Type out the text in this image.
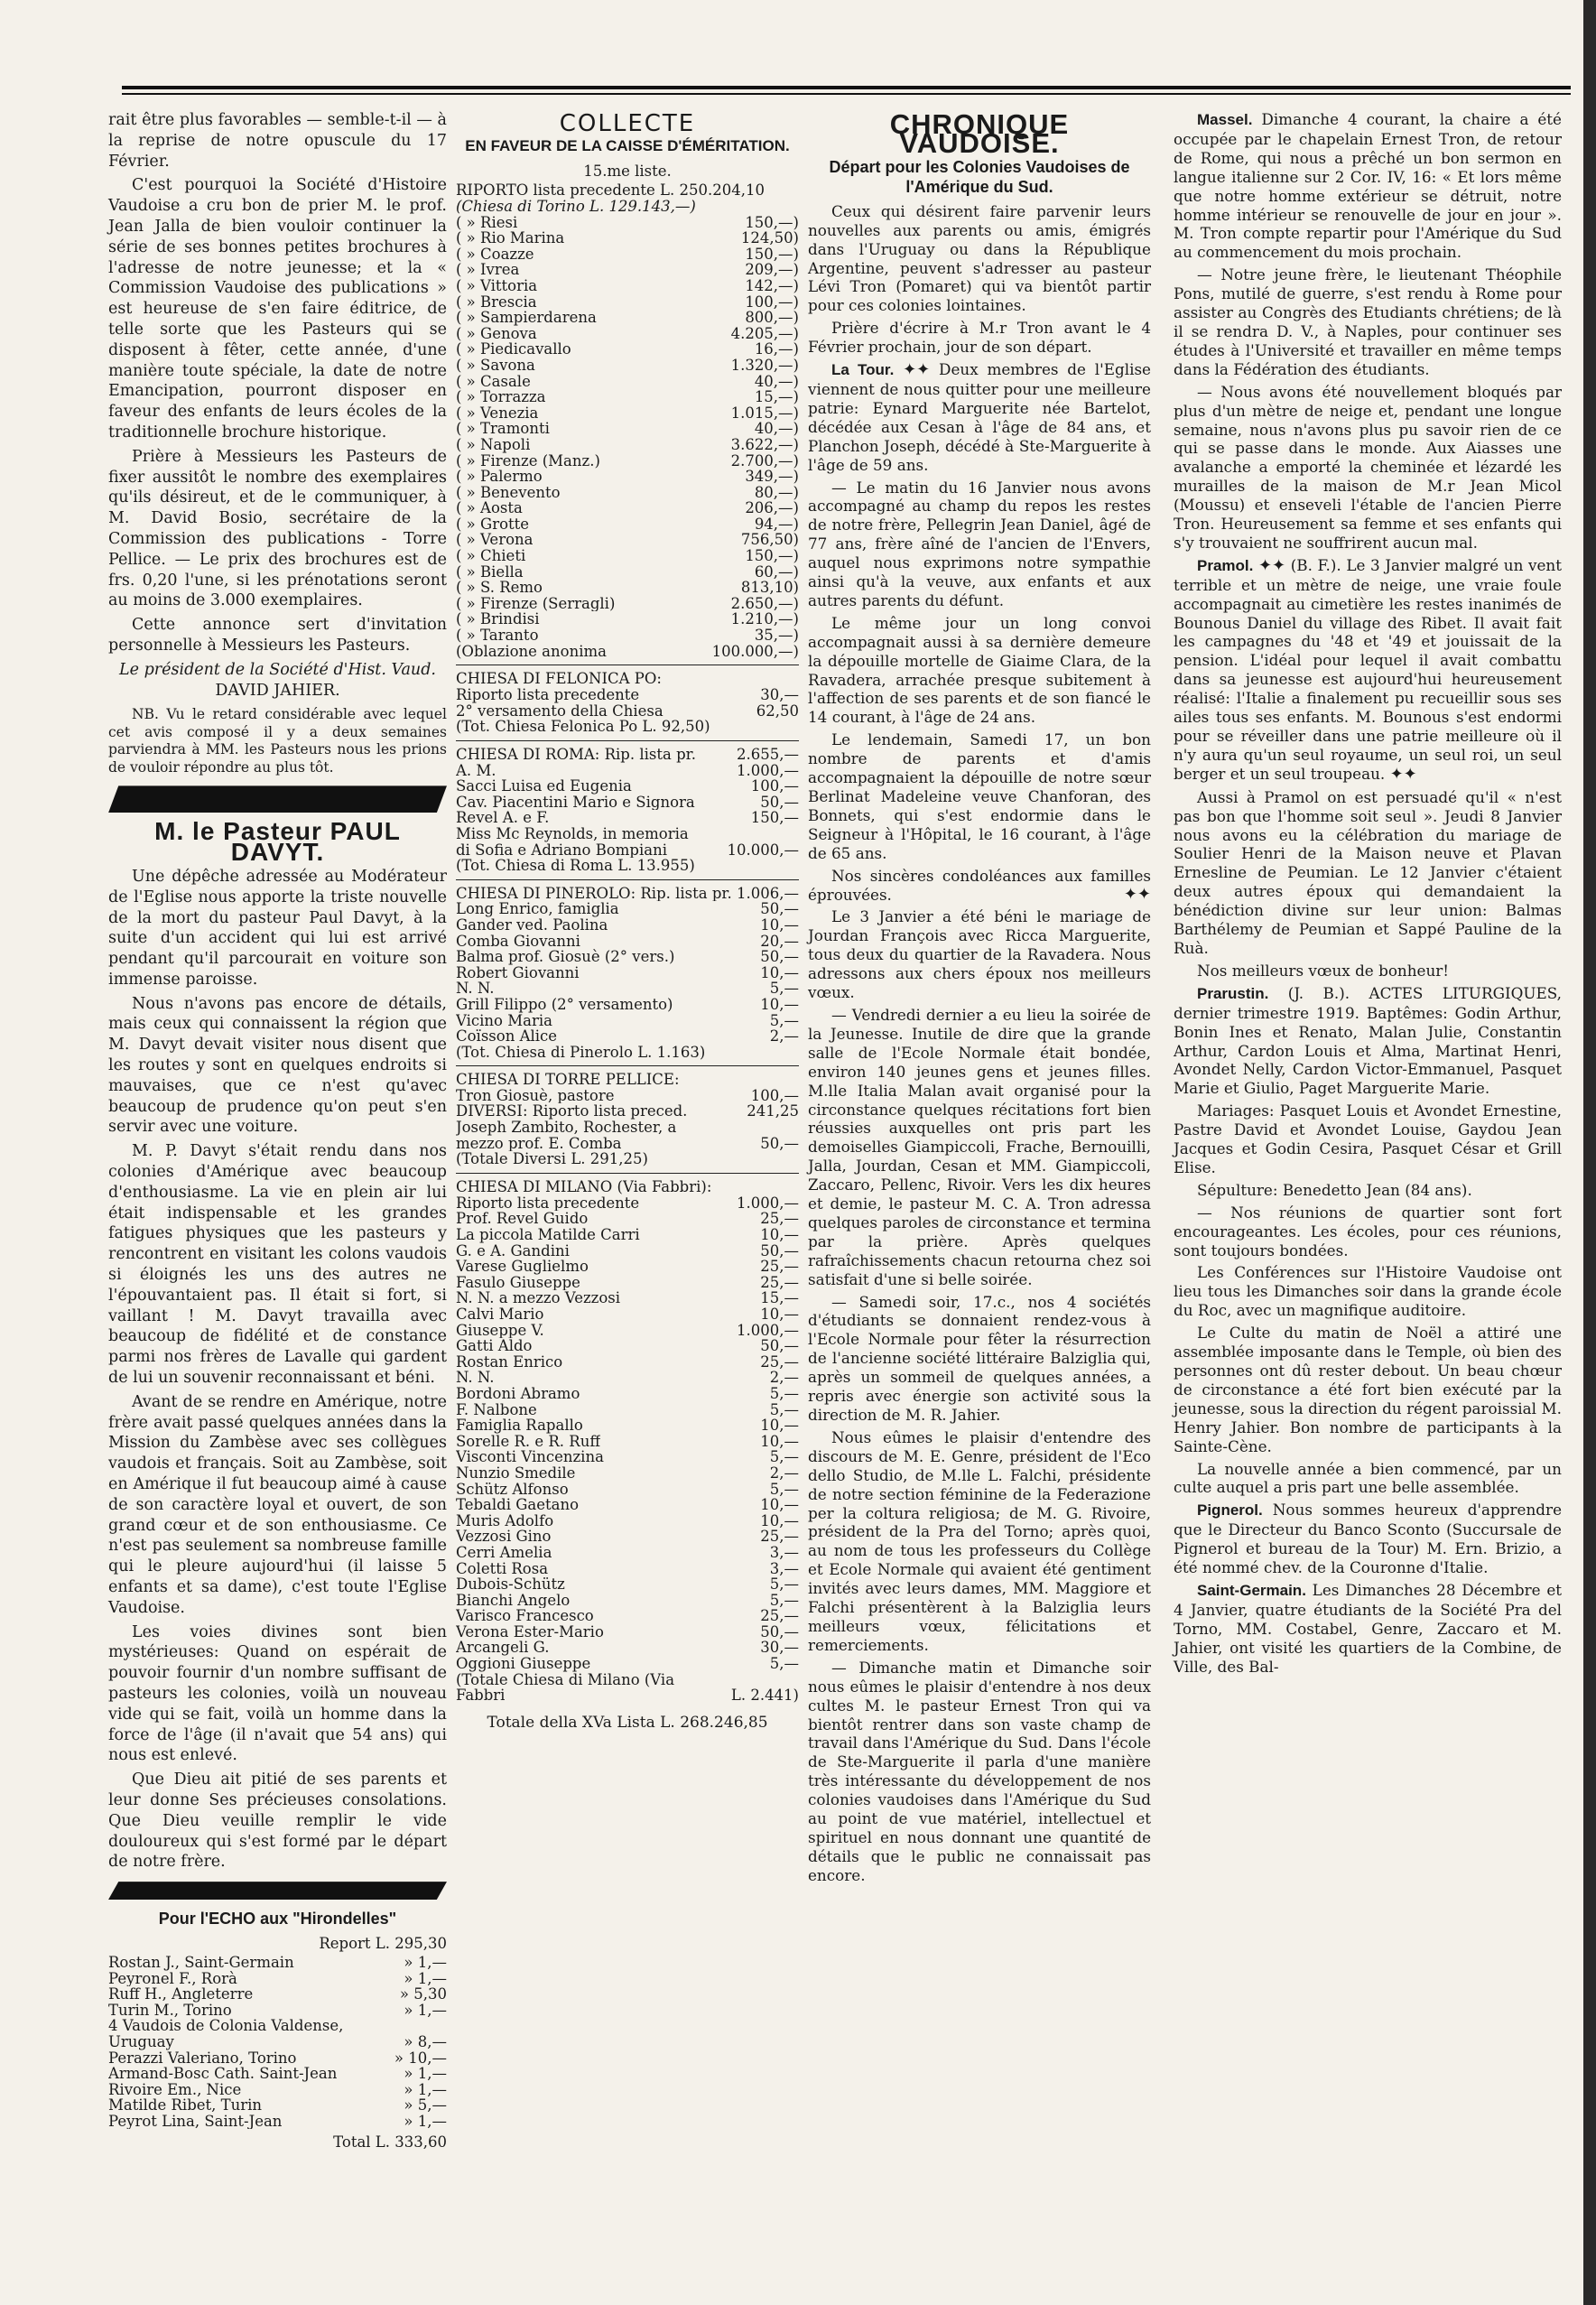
rait être plus favorables — semble-t-il — à la reprise de notre opuscule du 17 Février.

C'est pourquoi la Société d'Histoire Vaudoise a cru bon de prier M. le prof. Jean Jalla de bien vouloir continuer la série de ses bonnes petites brochures à l'adresse de notre jeunesse; et la « Commission Vaudoise des publications » est heureuse de s'en faire éditrice, de telle sorte que les Pasteurs qui se disposent à fêter, cette année, d'une manière toute spéciale, la date de notre Emancipation, pourront disposer en faveur des enfants de leurs écoles de la traditionnelle brochure historique.

Prière à Messieurs les Pasteurs de fixer aussitôt le nombre des exemplaires qu'ils désireut, et de le communiquer, à M. David Bosio, secrétaire de la Commission des publications - Torre Pellice. — Le prix des brochures est de frs. 0,20 l'une, si les prénotations seront au moins de 3.000 exemplaires.

Cette annonce sert d'invitation personnelle à Messieurs les Pasteurs.

Le président de la Société d'Hist. Vaud.
DAVID JAHIER.

NB. Vu le retard considérable avec lequel cet avis composé il y a deux semaines parviendra à MM. les Pasteurs nous les prions de vouloir répondre au plus tôt.

M. le Pasteur PAUL DAVYT.

Une dépêche adressée au Modérateur de l'Eglise nous apporte la triste nouvelle de la mort du pasteur Paul Davyt, à la suite d'un accident qui lui est arrivé pendant qu'il parcourait en voiture son immense paroisse.

Nous n'avons pas encore de détails, mais ceux qui connaissent la région que M. Davyt devait visiter nous disent que les routes y sont en quelques endroits si mauvaises, que ce n'est qu'avec beaucoup de prudence qu'on peut s'en servir avec une voiture.

M. P. Davyt s'était rendu dans nos colonies d'Amérique avec beaucoup d'enthousiasme. La vie en plein air lui était indispensable et les grandes fatigues physiques que les pasteurs y rencontrent en visitant les colons vaudois si éloignés les uns des autres ne l'épouvantaient pas. Il était si fort, si vaillant ! M. Davyt travailla avec beaucoup de fidélité et de constance parmi nos frères de Lavalle qui gardent de lui un souvenir reconnaissant et béni.

Avant de se rendre en Amérique, notre frère avait passé quelques années dans la Mission du Zambèse avec ses collègues vaudois et français. Soit au Zambèse, soit en Amérique il fut beaucoup aimé à cause de son caractère loyal et ouvert, de son grand cœur et de son enthousiasme. Ce n'est pas seulement sa nombreuse famille qui le pleure aujourd'hui (il laisse 5 enfants et sa dame), c'est toute l'Eglise Vaudoise.

Les voies divines sont bien mystérieuses: Quand on espérait de pouvoir fournir d'un nombre suffisant de pasteurs les colonies, voilà un nouveau vide qui se fait, voilà un homme dans la force de l'âge (il n'avait que 54 ans) qui nous est enlevé.

Que Dieu ait pitié de ses parents et leur donne Ses précieuses consolations. Que Dieu veuille remplir le vide douloureux qui s'est formé par le départ de notre frère.

Pour l'ECHO aux "Hirondelles"
Report L. 295,30
Rostan J., Saint-Germain	» 1,—
Peyronel F., Rorà	» 1,—
Ruff H., Angleterre	» 5,30
Turin M., Torino	» 1,—
4 Vaudois de Colonia Valdense,
Uruguay	» 8,—
Perazzi Valeriano, Torino	» 10,—
Armand-Bosc Cath. Saint-Jean	» 1,—
Rivoire Em., Nice	» 1,—
Matilde Ribet, Turin	» 5,—
Peyrot Lina, Saint-Jean	» 1,—
Total L. 333,60
COLLECTE
EN FAVEUR DE LA CAISSE D'ÉMÉRITATION.
15.me liste.
RIPORTO lista precedente L. 250.204,10
(Chiesa di Torino L. 129.143,—)
( » Riesi	150,—)
( » Rio Marina	124,50)
( » Coazze	150,—)
( » Ivrea	209,—)
( » Vittoria	142,—)
( » Brescia	100,—)
( » Sampierdarena	800,—)
( » Genova	4.205,—)
( » Piedicavallo	16,—)
( » Savona	1.320,—)
( » Casale	40,—)
( » Torrazza	15,—)
( » Venezia	1.015,—)
( » Tramonti	40,—)
( » Napoli	3.622,—)
( » Firenze (Manz.)	2.700,—)
( » Palermo	349,—)
( » Benevento	80,—)
( » Aosta	206,—)
( » Grotte	94,—)
( » Verona	756,50)
( » Chieti	150,—)
( » Biella	60,—)
( » S. Remo	813,10)
( » Firenze (Serragli)	2.650,—)
( » Brindisi	1.210,—)
( » Taranto	35,—)
(Oblazione anonima	100.000,—)
CHIESA DI FELONICA PO:
Riporto lista precedente	30,—
2° versamento della Chiesa	62,50
(Tot. Chiesa Felonica Po L. 92,50)
CHIESA DI ROMA: Rip. lista pr.	2.655,—
A. M.	1.000,—
Sacci Luisa ed Eugenia	100,—
Cav. Piacentini Mario e Signora	50,—
Revel A. e F.	150,—
Miss Mc Reynolds, in memoria
di Sofia e Adriano Bompiani	10.000,—
(Tot. Chiesa di Roma L. 13.955)
CHIESA DI PINEROLO: Rip. lista pr. 1.006,—
Long Enrico, famiglia	50,—
Gander ved. Paolina	10,—
Comba Giovanni	20,—
Balma prof. Giosuè (2° vers.)	50,—
Robert Giovanni	10,—
N. N.	5,—
Grill Filippo (2° versamento)	10,—
Vicino Maria	5,—
Coïsson Alice	2,—
(Tot. Chiesa di Pinerolo L. 1.163)
CHIESA DI TORRE PELLICE:
Tron Giosuè, pastore	100,—
DIVERSI: Riporto lista preced.	241,25
Joseph Zambito, Rochester, a
mezzo prof. E. Comba	50,—
(Totale Diversi L. 291,25)
CHIESA DI MILANO (Via Fabbri):
Riporto lista precedente	1.000,—
Prof. Revel Guido	25,—
La piccola Matilde Carri	10,—
G. e A. Gandini	50,—
Varese Guglielmo	25,—
Fasulo Giuseppe	25,—
N. N. a mezzo Vezzosi	15,—
Calvi Mario	10,—
Giuseppe V.	1.000,—
Gatti Aldo	50,—
Rostan Enrico	25,—
N. N.	2,—
Bordoni Abramo	5,—
F. Nalbone	5,—
Famiglia Rapallo	10,—
Sorelle R. e R. Ruff	10,—
Visconti Vincenzina	5,—
Nunzio Smedile	2,—
Schütz Alfonso	5,—
Tebaldi Gaetano	10,—
Muris Adolfo	10,—
Vezzosi Gino	25,—
Cerri Amelia	3,—
Coletti Rosa	3,—
Dubois-Schütz	5,—
Bianchi Angelo	5,—
Varisco Francesco	25,—
Verona Ester-Mario	50,—
Arcangeli G.	30,—
Oggioni Giuseppe	5,—
(Totale Chiesa di Milano (Via
Fabbri	L. 2.441)
Totale della XVa Lista L. 268.246,85
CHRONIQUE VAUDOISE.
Départ pour les Colonies Vaudoises de l'Amérique du Sud.

Ceux qui désirent faire parvenir leurs nouvelles aux parents ou amis, émigrés dans l'Uruguay ou dans la République Argentine, peuvent s'adresser au pasteur Lévi Tron (Pomaret) qui va bientôt partir pour ces colonies lointaines.

Prière d'écrire à M.r Tron avant le 4 Février prochain, jour de son départ.

La Tour. ✦✦ Deux membres de l'Eglise viennent de nous quitter pour une meilleure patrie: Eynard Marguerite née Bartelot, décédée aux Cesan à l'âge de 84 ans, et Planchon Joseph, décédé à Ste-Marguerite à l'âge de 59 ans.

— Le matin du 16 Janvier nous avons accompagné au champ du repos les restes de notre frère, Pellegrin Jean Daniel, âgé de 77 ans, frère aîné de l'ancien de l'Envers, auquel nous exprimons notre sympathie ainsi qu'à la veuve, aux enfants et aux autres parents du défunt.

Le même jour un long convoi accompagnait aussi à sa dernière demeure la dépouille mortelle de Giaime Clara, de la Ravadera, arrachée presque subitement à l'affection de ses parents et de son fiancé le 14 courant, à l'âge de 24 ans.

Le lendemain, Samedi 17, un bon nombre de parents et d'amis accompagnaient la dépouille de notre sœur Berlinat Madeleine veuve Chanforan, des Bonnets, qui s'est endormie dans le Seigneur à l'Hôpital, le 16 courant, à l'âge de 65 ans.

Nos sincères condoléances aux familles éprouvées.	✦✦

Le 3 Janvier a été béni le mariage de Jourdan François avec Ricca Marguerite, tous deux du quartier de la Ravadera. Nous adressons aux chers époux nos meilleurs vœux.

— Vendredi dernier a eu lieu la soirée de la Jeunesse. Inutile de dire que la grande salle de l'Ecole Normale était bondée, environ 140 jeunes gens et jeunes filles. M.lle Italia Malan avait organisé pour la circonstance quelques récitations fort bien réussies auxquelles ont pris part les demoiselles Giampiccoli, Frache, Bernouilli, Jalla, Jourdan, Cesan et MM. Giampiccoli, Zaccaro, Pellenc, Rivoir. Vers les dix heures et demie, le pasteur M. C. A. Tron adressa quelques paroles de circonstance et termina par la prière. Après quelques rafraîchissements chacun retourna chez soi satisfait d'une si belle soirée.

— Samedi soir, 17.c., nos 4 sociétés d'étudiants se donnaient rendez-vous à l'Ecole Normale pour fêter la résurrection de l'ancienne société littéraire Balziglia qui, après un sommeil de quelques années, a repris avec énergie son activité sous la direction de M. R. Jahier.

Nous eûmes le plaisir d'entendre des discours de M. E. Genre, président de l'Eco dello Studio, de M.lle L. Falchi, présidente de notre section féminine de la Federazione per la coltura religiosa; de M. G. Rivoire, président de la Pra del Torno; après quoi, au nom de tous les professeurs du Collège et Ecole Normale qui avaient été gentiment invités avec leurs dames, MM. Maggiore et Falchi présentèrent à la Balziglia leurs meilleurs vœux, félicitations et remerciements.

— Dimanche matin et Dimanche soir nous eûmes le plaisir d'entendre à nos deux cultes M. le pasteur Ernest Tron qui va bientôt rentrer dans son vaste champ de travail dans l'Amérique du Sud. Dans l'école de Ste-Marguerite il parla d'une manière très intéressante du développement de nos colonies vaudoises dans l'Amérique du Sud au point de vue matériel, intellectuel et spirituel en nous donnant une quantité de détails que le public ne connaissait pas encore.

Massel. Dimanche 4 courant, la chaire a été occupée par le chapelain Ernest Tron, de retour de Rome, qui nous a prêché un bon sermon en langue italienne sur 2 Cor. IV, 16: « Et lors même que notre homme extérieur se détruit, notre homme intérieur se renouvelle de jour en jour ». M. Tron compte repartir pour l'Amérique du Sud au commencement du mois prochain.

— Notre jeune frère, le lieutenant Théophile Pons, mutilé de guerre, s'est rendu à Rome pour assister au Congrès des Etudiants chrétiens; de là il se rendra D. V., à Naples, pour continuer ses études à l'Université et travailler en même temps dans la Fédération des étudiants.

— Nous avons été nouvellement bloqués par plus d'un mètre de neige et, pendant une longue semaine, nous n'avons plus pu savoir rien de ce qui se passe dans le monde. Aux Aiasses une avalanche a emporté la cheminée et lézardé les murailles de la maison de M.r Jean Micol (Moussu) et enseveli l'étable de l'ancien Pierre Tron. Heureusement sa femme et ses enfants qui s'y trouvaient ne souffrirent aucun mal.

Pramol. ✦✦ (B. F.). Le 3 Janvier malgré un vent terrible et un mètre de neige, une vraie foule accompagnait au cimetière les restes inanimés de Bounous Daniel du village des Ribet. Il avait fait les campagnes du '48 et '49 et jouissait de la pension. L'idéal pour lequel il avait combattu dans sa jeunesse est aujourd'hui heureusement réalisé: l'Italie a finalement pu recueillir sous ses ailes tous ses enfants. M. Bounous s'est endormi pour se réveiller dans une patrie meilleure où il n'y aura qu'un seul royaume, un seul roi, un seul berger et un seul troupeau. ✦✦

Aussi à Pramol on est persuadé qu'il « n'est pas bon que l'homme soit seul ». Jeudi 8 Janvier nous avons eu la célébration du mariage de Soulier Henri de la Maison neuve et Plavan Ernesline de Peumian. Le 12 Janvier c'étaient deux autres époux qui demandaient la bénédiction divine sur leur union: Balmas Barthélemy de Peumian et Sappé Pauline de la Ruà.

Nos meilleurs vœux de bonheur!

Prarustin. (J. B.). ACTES LITURGIQUES, dernier trimestre 1919. Baptêmes: Godin Arthur, Bonin Ines et Renato, Malan Julie, Constantin Arthur, Cardon Louis et Alma, Martinat Henri, Avondet Nelly, Cardon Victor-Emmanuel, Pasquet Marie et Giulio, Paget Marguerite Marie.

Mariages: Pasquet Louis et Avondet Ernestine, Pastre David et Avondet Louise, Gaydou Jean Jacques et Godin Cesira, Pasquet César et Grill Elise.

Sépulture: Benedetto Jean (84 ans).

— Nos réunions de quartier sont fort encourageantes. Les écoles, pour ces réunions, sont toujours bondées.

Les Conférences sur l'Histoire Vaudoise ont lieu tous les Dimanches soir dans la grande école du Roc, avec un magnifique auditoire.

Le Culte du matin de Noël a attiré une assemblée imposante dans le Temple, où bien des personnes ont dû rester debout. Un beau chœur de circonstance a été fort bien exécuté par la jeunesse, sous la direction du régent paroissial M. Henry Jahier. Bon nombre de participants à la Sainte-Cène.

La nouvelle année a bien commencé, par un culte auquel a pris part une belle assemblée.

Pignerol. Nous sommes heureux d'apprendre que le Directeur du Banco Sconto (Succursale de Pignerol et bureau de la Tour) M. Ern. Brizio, a été nommé chev. de la Couronne d'Italie.

Saint-Germain. Les Dimanches 28 Décembre et 4 Janvier, quatre étudiants de la Société Pra del Torno, MM. Costabel, Genre, Zaccaro et M. Jahier, ont visité les quartiers de la Combine, de Ville, des Bal-
